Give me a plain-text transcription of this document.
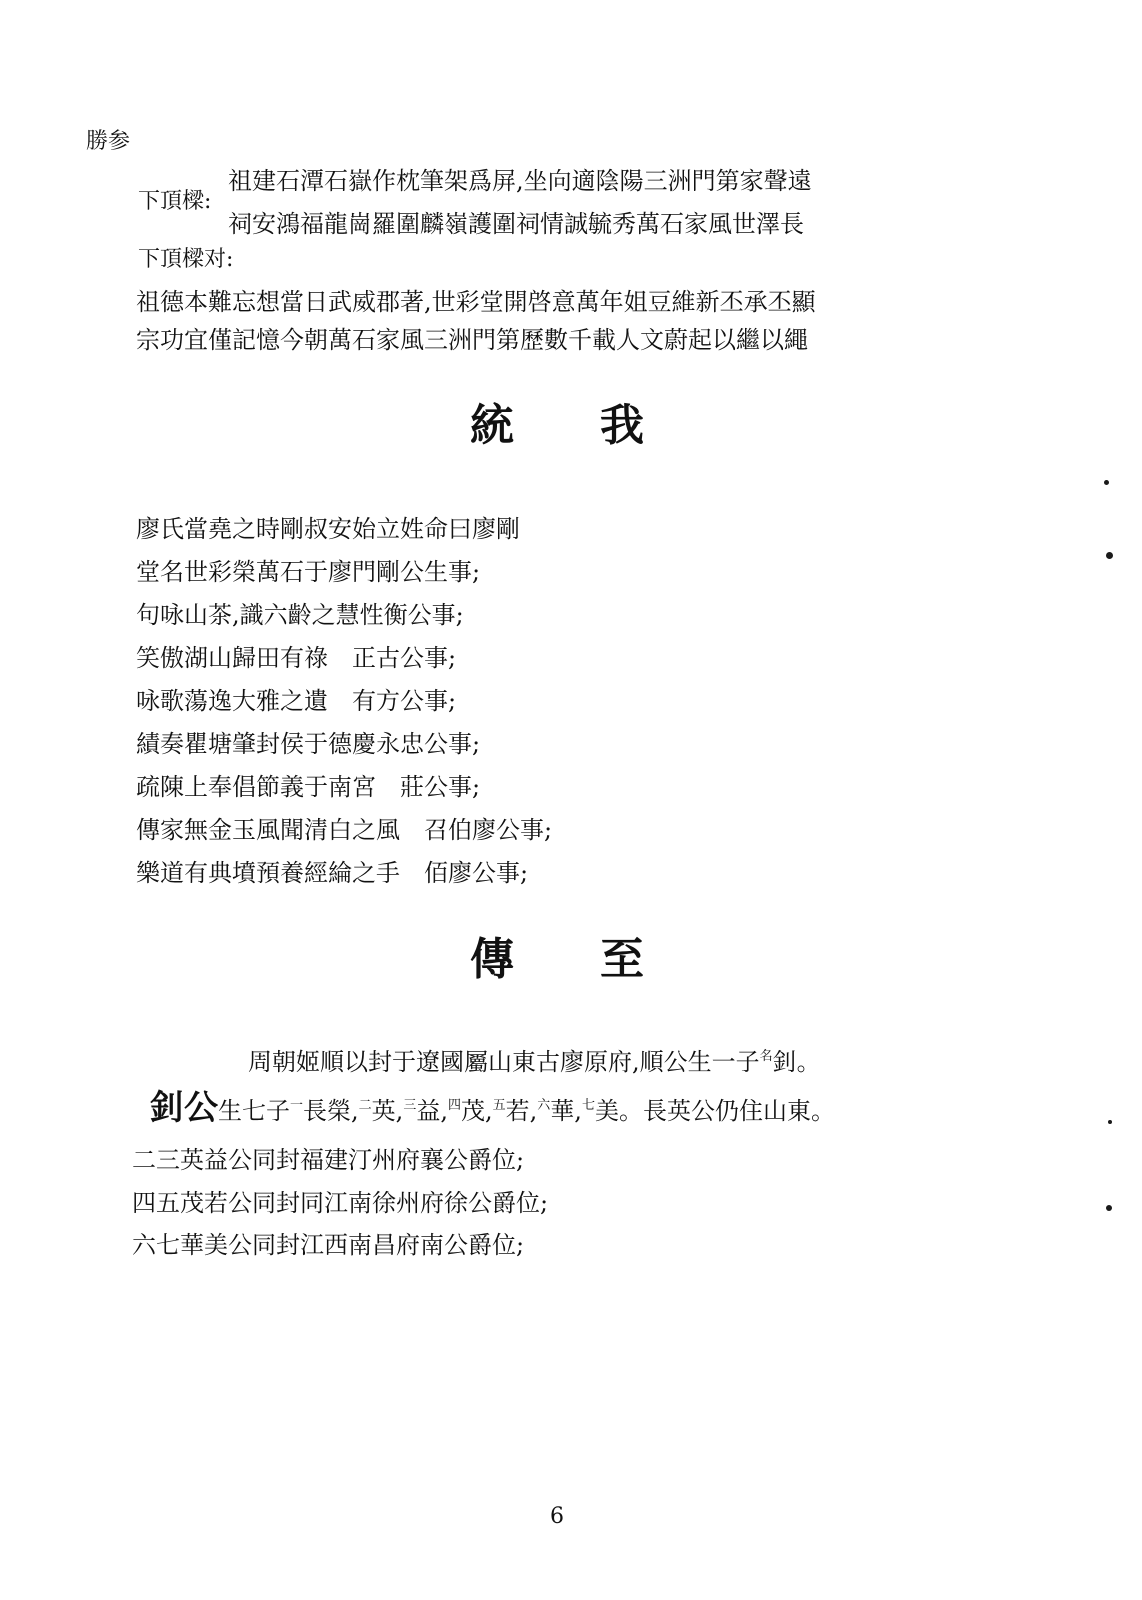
勝参
下頂樑:
祖建石潭石嶽作枕筆架爲屏,坐向適陰陽三洲門第家聲遠
祠安鴻福龍崗羅圍麟嶺護圍祠情誠毓秀萬石家風世澤長
下頂樑对:
祖德本難忘想當日武威郡著,世彩堂開啓意萬年姐豆維新丕承丕顯
宗功宜僅記憶今朝萬石家風三洲門第歷數千載人文蔚起以繼以繩
統 我
廖氏當堯之時剛叔安始立姓命曰廖剛
堂名世彩榮萬石于廖門剛公生事;
句咏山茶,識六齡之慧性衡公事;
笑傲湖山歸田有祿　正古公事;
咏歌蕩逸大雅之遺　有方公事;
績奏瞿塘肇封侯于德慶永忠公事;
疏陳上奉倡節義于南宮　莊公事;
傳家無金玉風聞清白之風　召伯廖公事;
樂道有典墳預養經綸之手　佰廖公事;
傳 至
周朝姬順以封于遼國屬山東古廖原府,順公生一子$^名$釗。
釗公生七子$^一$長榮,$^二$英,$^三$益,$^四$茂,$^五$若,$^六$華,$^七$美。長英公仍住山東。
二三英益公同封福建汀州府襄公爵位;
四五茂若公同封同江南徐州府徐公爵位;
六七華美公同封江西南昌府南公爵位;
6
